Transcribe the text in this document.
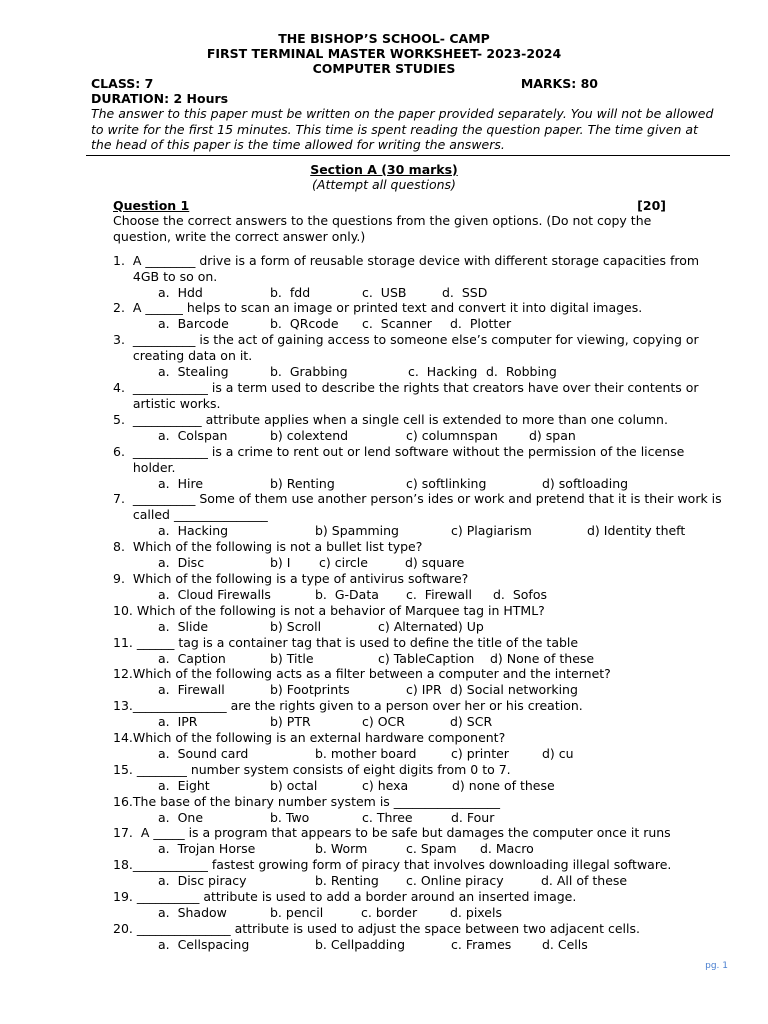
THE BISHOP’S SCHOOL- CAMP
FIRST TERMINAL MASTER WORKSHEET- 2023-2024
COMPUTER STUDIES
CLASS: 7	MARKS: 80
DURATION: 2 Hours
The answer to this paper must be written on the paper provided separately. You will not be allowed to write for the first 15 minutes. This time is spent reading the question paper. The time given at the head of this paper is the time allowed for writing the answers.
Section A (30 marks)
(Attempt all questions)
Question 1	[20]
Choose the correct answers to the questions from the given options. (Do not copy the question, write the correct answer only.)
1. A ________ drive is a form of reusable storage device with different storage capacities from 4GB to so on.
a.  Hdd	b.  fdd	c.  USB	d.  SSD
2. A ______ helps to scan an image or printed text and convert it into digital images.
a.  Barcode	b.  QRcode	c.  Scanner	d.  Plotter
3. __________ is the act of gaining access to someone else’s computer for viewing, copying or creating data on it.
a.  Stealing	b.  Grabbing	c.  Hacking d.  Robbing
4. ____________ is a term used to describe the rights that creators have over their contents or artistic works.
5. ___________ attribute applies when a single cell is extended to more than one column.
a.  Colspan	b) colextend	c) columnspan	d) span
6. ____________ is a crime to rent out or lend software without the permission of the license holder.
a.  Hire	b) Renting	c) softlinking	d) softloading
7. __________ Some of them use another person’s ides or work and pretend that it is their work is called _______________
a.  Hacking	b) Spamming	c) Plagiarism	d) Identity theft
8. Which of the following is not a bullet list type?
a.  Disc	b) I	c) circle	d) square
9. Which of the following is a type of antivirus software?
a.  Cloud Firewalls	b.  G-Data	c.  Firewall	d.  Sofos
10. Which of the following is not a behavior of Marquee tag in HTML?
a.  Slide	b) Scroll	c) Alternate
d) Up
11. ______ tag is a container tag that is used to define the title of the table
a.  Caption	b) Title	c) TableCaption	d) None of these
12. Which of the following acts as a filter between a computer and the internet?
a.  Firewall	b) Footprints	c) IPR d) Social networking
13. _______________ are the rights given to a person over her or his creation.
a.  IPR	b) PTR	c) OCR	d) SCR
14. Which of the following is an external hardware component?
a.  Sound card	b. mother board	c) printer	d) cu
15. ________ number system consists of eight digits from 0 to 7.
a.  Eight	b) octal	c) hexa	d) none of these
16. The base of the binary number system is _________________
a.  One	b. Two	c. Three	d. Four
17. A _____ is a program that appears to be safe but damages the computer once it runs
a.  Trojan Horse	b. Worm	c. Spam	d. Macro
18. ____________ fastest growing form of piracy that involves downloading illegal software.
a.  Disc piracy	b. Renting	c. Online piracy	d. All of these
19. __________ attribute is used to add a border around an inserted image.
a.  Shadow	b. pencil	c. border	d. pixels
20. _______________ attribute is used to adjust the space between two adjacent cells.
a.  Cellspacing	b. Cellpadding	c. Frames	d. Cells
pg. 1
